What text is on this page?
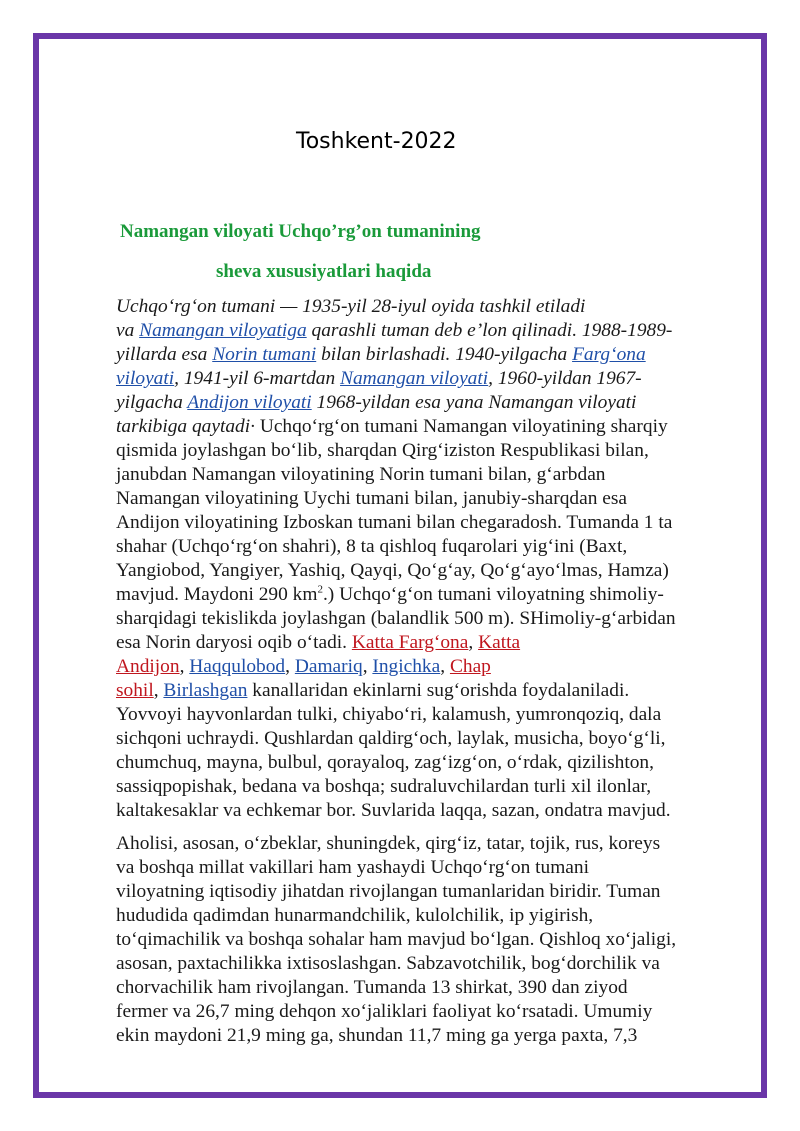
Toshkent-2022
Namangan viloyati Uchqo’rg’on tumanining
sheva xususiyatlari haqida

Uchqo‘rg‘on tumani — 1935-yil 28-iyul oyida tashkil etiladi
va Namangan viloyatiga qarashli tuman deb e’lon qilinadi. 1988-1989-
yillarda esa Norin tumani bilan birlashadi. 1940-yilgacha Farg‘ona
viloyati, 1941-yil 6-martdan Namangan viloyati, 1960-yildan 1967-
yilgacha Andijon viloyati 1968-yildan esa yana Namangan viloyati
tarkibiga qaytadi· Uchqo‘rg‘on tumani Namangan viloyatining sharqiy
qismida joylashgan bo‘lib, sharqdan Qirg‘iziston Respublikasi bilan,
janubdan Namangan viloyatining Norin tumani bilan, g‘arbdan
Namangan viloyatining Uychi tumani bilan, janubiy-sharqdan esa
Andijon viloyatining Izboskan tumani bilan chegaradosh. Tumanda 1 ta
shahar (Uchqo‘rg‘on shahri), 8 ta qishloq fuqarolari yig‘ini (Baxt,
Yangiobod, Yangiyer, Yashiq, Qayqi, Qo‘g‘ay, Qo‘g‘ayo‘lmas, Hamza)
mavjud. Maydoni 290 $km^2$.) Uchqo‘g‘on tumani viloyatning shimoliy-
sharqidagi tekislikda joylashgan (balandlik 500 m). SHimoliy-g‘arbidan
esa Norin daryosi oqib o‘tadi. Katta Farg‘ona, Katta
Andijon, Haqqulobod, Damariq, Ingichka, Chap
sohil, Birlashgan kanallaridan ekinlarni sug‘orishda foydalaniladi.
Yovvoyi hayvonlardan tulki, chiyabo‘ri, kalamush, yumronqoziq, dala
sichqoni uchraydi. Qushlardan qaldirg‘och, laylak, musicha, boyo‘g‘li,
chumchuq, mayna, bulbul, qorayaloq, zag‘izg‘on, o‘rdak, qizilishton,
sassiqpopishak, bedana va boshqa; sudraluvchilardan turli xil ilonlar,
kaltakesaklar va echkemar bor. Suvlarida laqqa, sazan, ondatra mavjud.

Aholisi, asosan, o‘zbeklar, shuningdek, qirg‘iz, tatar, tojik, rus, koreys
va boshqa millat vakillari ham yashaydi Uchqo‘rg‘on tumani
viloyatning iqtisodiy jihatdan rivojlangan tumanlaridan biridir. Tuman
hududida qadimdan hunarmandchilik, kulolchilik, ip yigirish,
to‘qimachilik va boshqa sohalar ham mavjud bo‘lgan. Qishloq xo‘jaligi,
asosan, paxtachilikka ixtisoslashgan. Sabzavotchilik, bog‘dorchilik va
chorvachilik ham rivojlangan. Tumanda 13 shirkat, 390 dan ziyod
fermer va 26,7 ming dehqon xo‘jaliklari faoliyat ko‘rsatadi. Umumiy
ekin maydoni 21,9 ming ga, shundan 11,7 ming ga yerga paxta, 7,3
